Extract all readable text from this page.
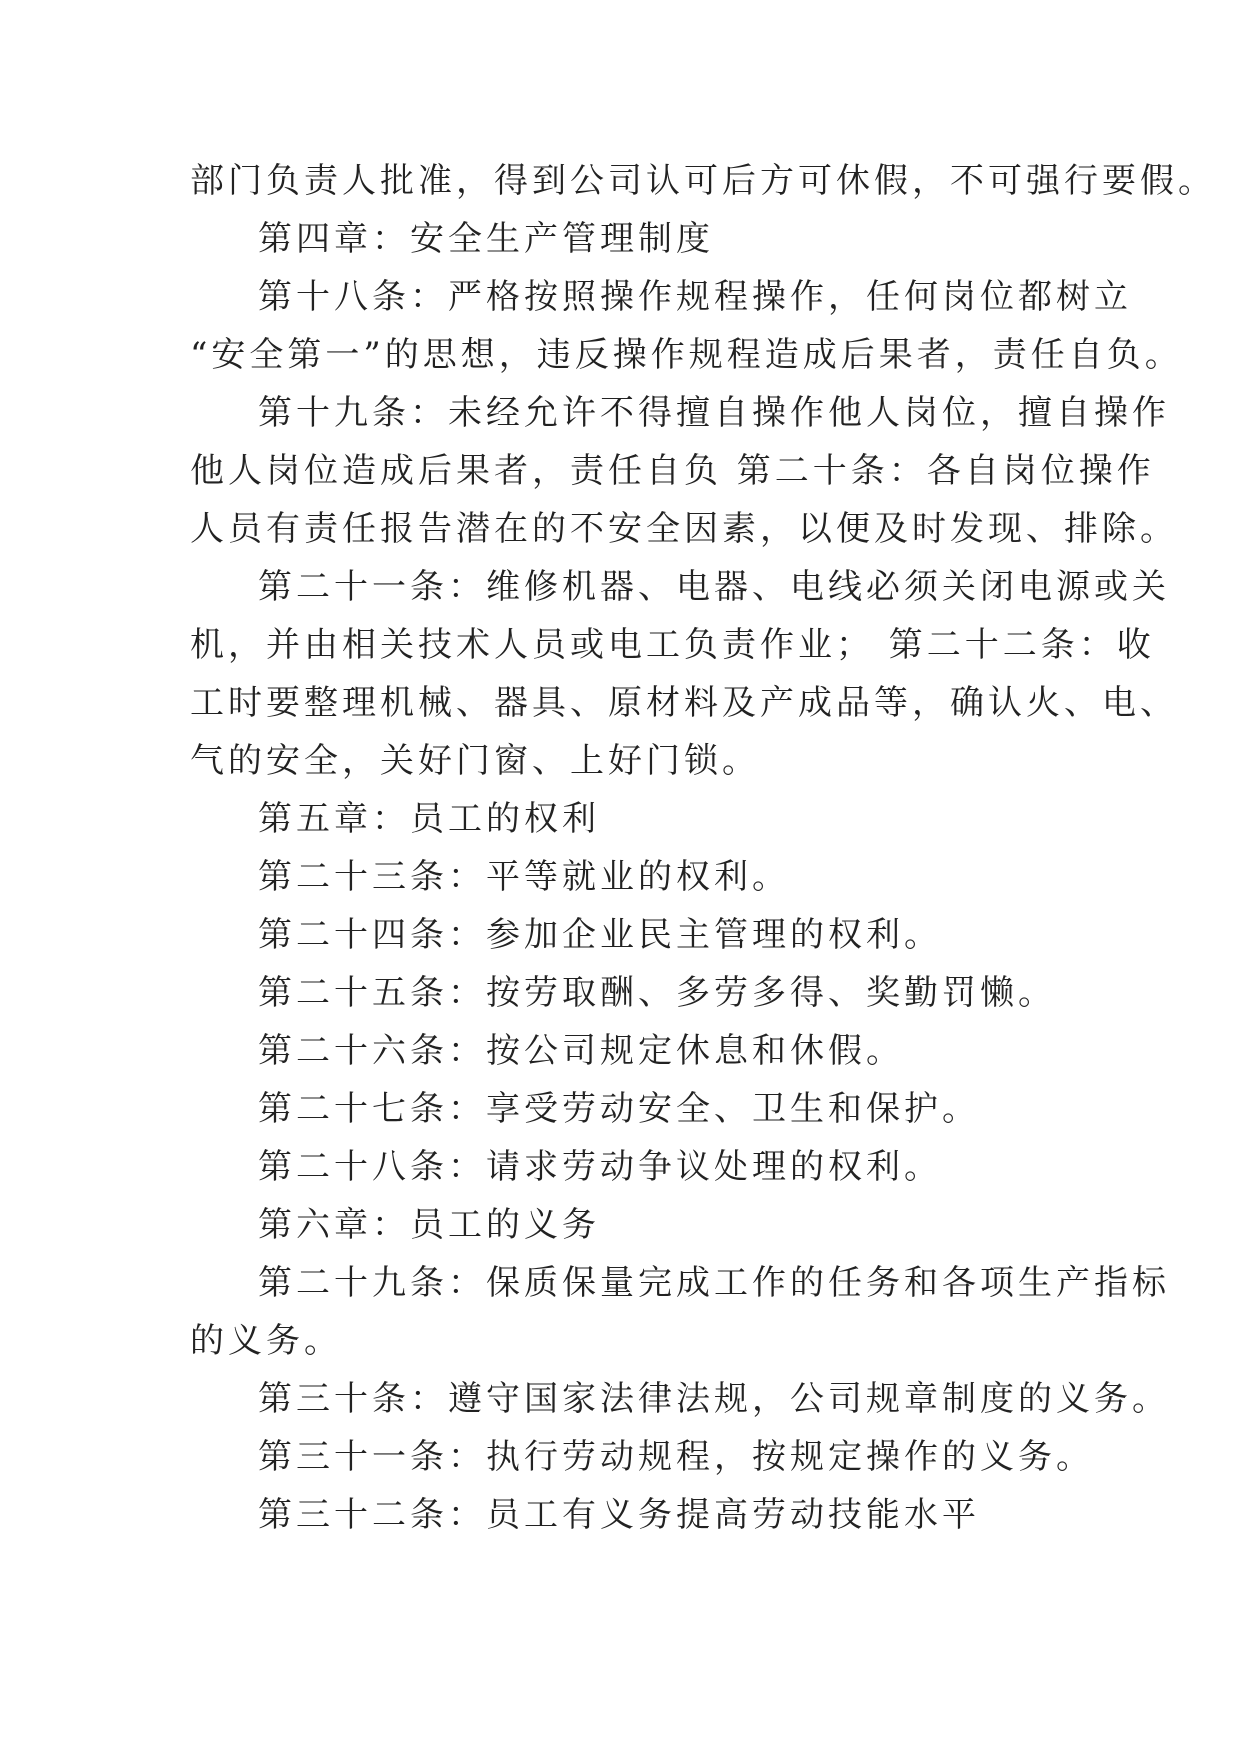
部门负责人批准，得到公司认可后方可休假，不可强行要假。
第四章：安全生产管理制度
第十八条：严格按照操作规程操作，任何岗位都树立
“安全第一”的思想，违反操作规程造成后果者，责任自负。
第十九条：未经允许不得擅自操作他人岗位，擅自操作
他人岗位造成后果者，责任自负 第二十条：各自岗位操作
人员有责任报告潜在的不安全因素，以便及时发现、排除。
第二十一条：维修机器、电器、电线必须关闭电源或关
机，并由相关技术人员或电工负责作业； 第二十二条：收
工时要整理机械、器具、原材料及产成品等，确认火、电、
气的安全，关好门窗、上好门锁。
第五章：员工的权利
第二十三条：平等就业的权利。
第二十四条：参加企业民主管理的权利。
第二十五条：按劳取酬、多劳多得、奖勤罚懒。
第二十六条：按公司规定休息和休假。
第二十七条：享受劳动安全、卫生和保护。
第二十八条：请求劳动争议处理的权利。
第六章：员工的义务
第二十九条：保质保量完成工作的任务和各项生产指标
的义务。
第三十条：遵守国家法律法规，公司规章制度的义务。
第三十一条：执行劳动规程，按规定操作的义务。
第三十二条：员工有义务提高劳动技能水平
